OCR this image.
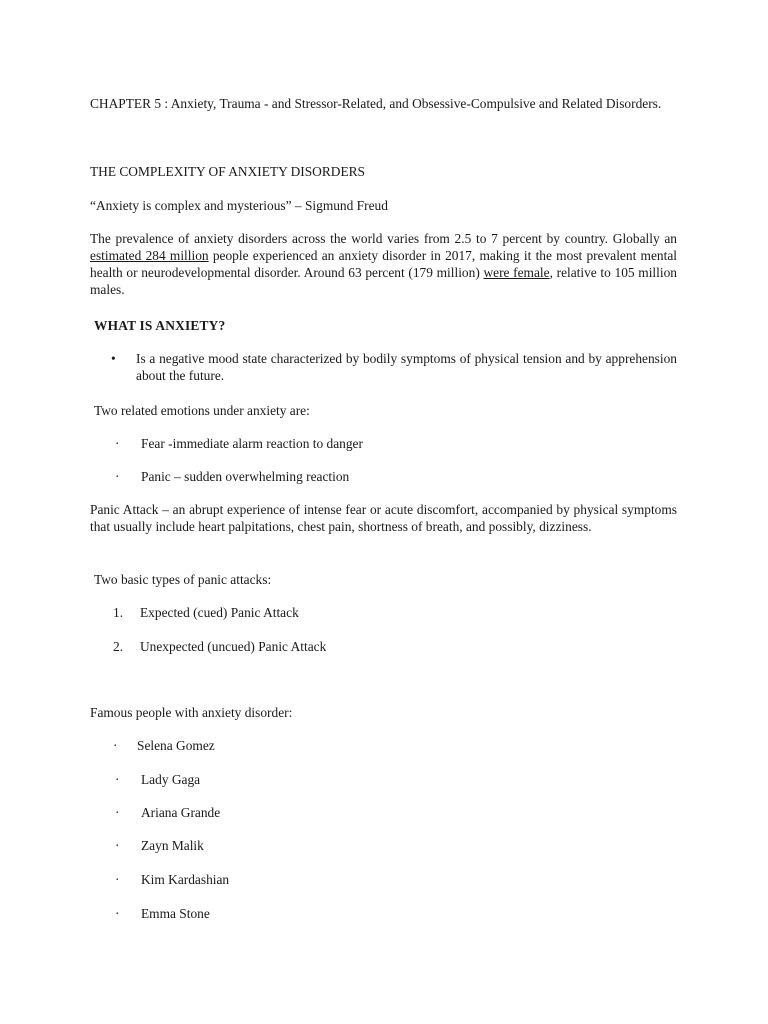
CHAPTER 5 : Anxiety, Trauma - and Stressor-Related, and Obsessive-Compulsive and Related Disorders.

THE COMPLEXITY OF ANXIETY DISORDERS

“Anxiety is complex and mysterious” – Sigmund Freud

The prevalence of anxiety disorders across the world varies from 2.5 to 7 percent by country. Globally an estimated 284 million people experienced an anxiety disorder in 2017, making it the most prevalent mental health or neurodevelopmental disorder. Around 63 percent (179 million) were female, relative to 105 million males.

WHAT IS ANXIETY?

• Is a negative mood state characterized by bodily symptoms of physical tension and by apprehension about the future.

Two related emotions under anxiety are:

· Fear -immediate alarm reaction to danger

· Panic – sudden overwhelming reaction

Panic Attack – an abrupt experience of intense fear or acute discomfort, accompanied by physical symptoms that usually include heart palpitations, chest pain, shortness of breath, and possibly, dizziness.

Two basic types of panic attacks:

1. Expected (cued) Panic Attack

2. Unexpected (uncued) Panic Attack

Famous people with anxiety disorder:

· Selena Gomez

· Lady Gaga

· Ariana Grande

· Zayn Malik

· Kim Kardashian

· Emma Stone
